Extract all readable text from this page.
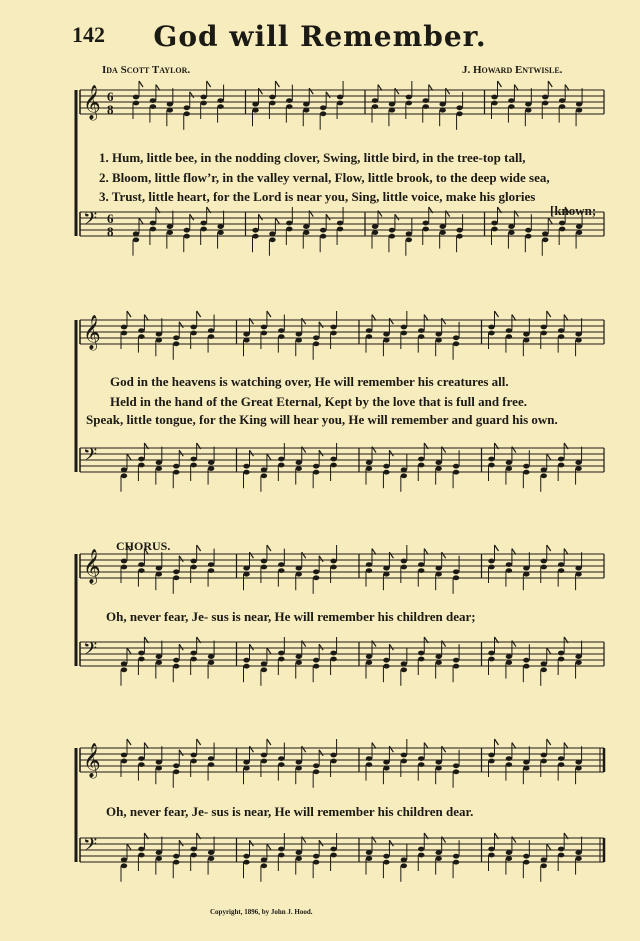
142	God will Remember.
Ida Scott Taylor.	J. Howard Entwisle.
𝄞 6
8
𝄢 6
8
1. Hum, little bee, in the nodding clover, Swing, little bird, in the tree-top tall,
2. Bloom, little flow’r, in the valley vernal, Flow, little brook, to the deep wide sea,
3. Trust, little heart, for the Lord is near you, Sing, little voice, make his glories
[known;
𝄞
𝄢
God in the heavens is watching over, He will remember his creatures all.
Held in the hand of the Great Eternal, Kept by the love that is full and free.
Speak, little tongue, for the King will hear you, He will remember and guard his own.
𝄞
𝄢
CHORUS.
Oh, never fear, Je- sus is near, He will remember his children dear;
𝄞
𝄢
Oh, never fear, Je- sus is near, He will remember his children dear.
Copyright, 1896, by John J. Hood.
